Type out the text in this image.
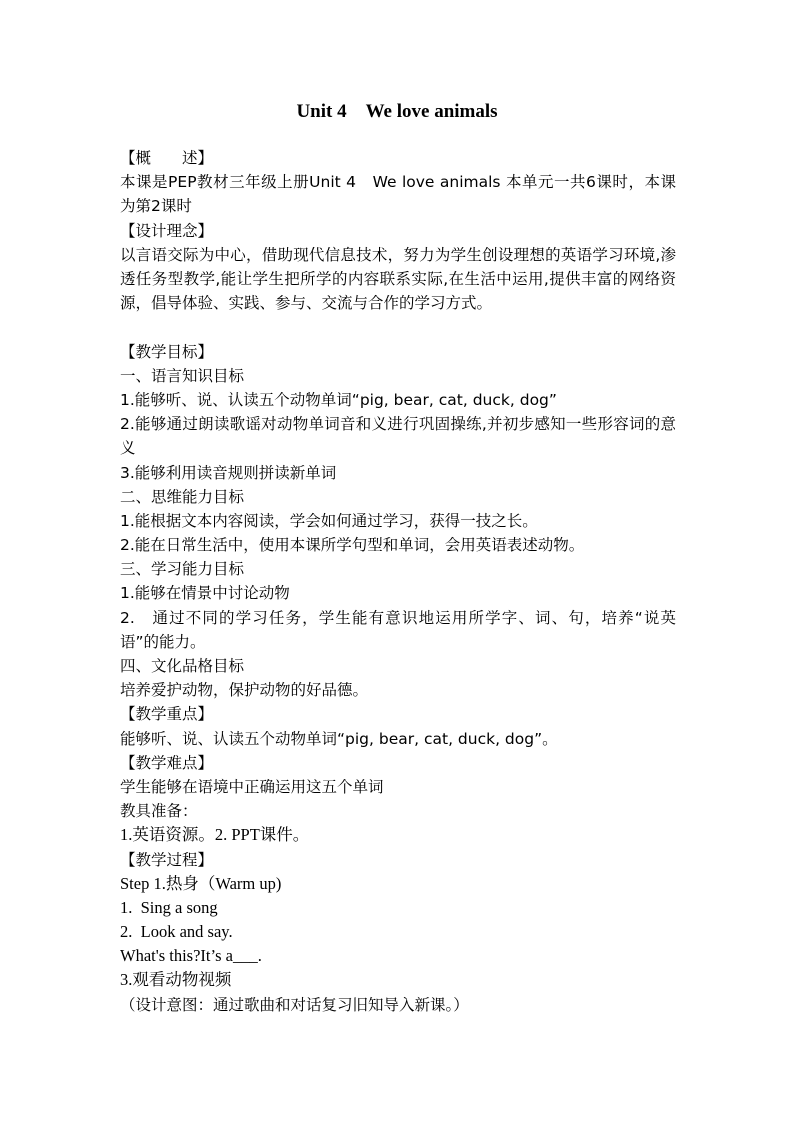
Unit 4　We love animals
【概　　述】
本课是PEP教材三年级上册Unit 4　We love animals 本单元一共6课时，本课为第2课时
【设计理念】
以言语交际为中心，借助现代信息技术，努力为学生创设理想的英语学习环境,渗透任务型教学,能让学生把所学的内容联系实际,在生活中运用,提供丰富的网络资源，倡导体验、实践、参与、交流与合作的学习方式。
【教学目标】
一、语言知识目标
1.能够听、说、认读五个动物单词“pig, bear, cat, duck, dog”
2.能够通过朗读歌谣对动物单词音和义进行巩固操练,并初步感知一些形容词的意义
3.能够利用读音规则拼读新单词
二、思维能力目标
1.能根据文本内容阅读，学会如何通过学习，获得一技之长。
2.能在日常生活中，使用本课所学句型和单词，会用英语表述动物。
三、学习能力目标
1.能够在情景中讨论动物
2.　通过不同的学习任务，学生能有意识地运用所学字、词、句，培养“说英语”的能力。
四、文化品格目标
培养爱护动物，保护动物的好品德。
【教学重点】
能够听、说、认读五个动物单词“pig, bear, cat, duck, dog”。
【教学难点】
学生能够在语境中正确运用这五个单词
教具准备：
1.英语资源。2. PPT课件。
【教学过程】
Step 1.热身（Warm up)
1.  Sing a song
2.  Look and say.
What's this?It’s a___.
3.观看动物视频
（设计意图：通过歌曲和对话复习旧知导入新课。）
